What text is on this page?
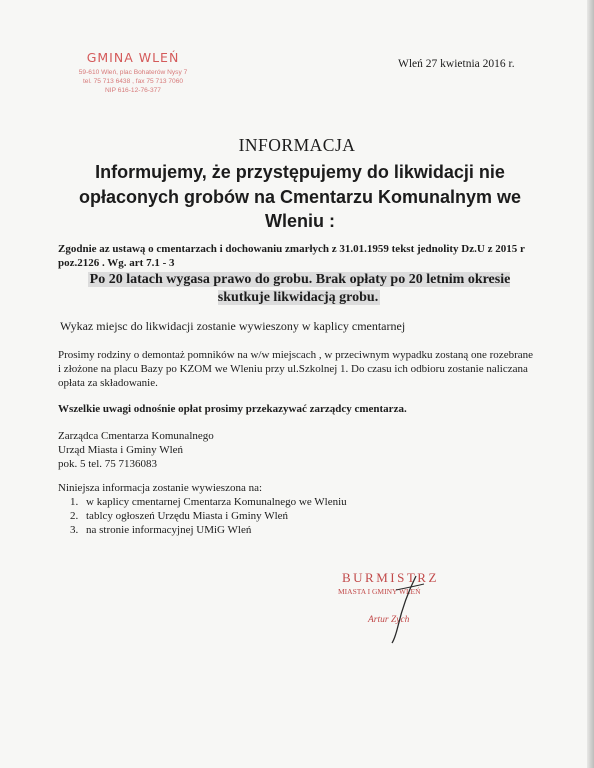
GMINA WLEŃ
59-610 Wleń, plac Bohaterów Nysy 7
tel. 75 713 6438 , fax 75 713 7060
NIP 616-12-76-377
Wleń 27 kwietnia 2016 r.
INFORMACJA
Informujemy, że przystępujemy do likwidacji nie opłaconych grobów na Cmentarzu Komunalnym we Wleniu :
Zgodnie az ustawą o cmentarzach i dochowaniu zmarłych z 31.01.1959 tekst jednolity Dz.U z 2015 r poz.2126 . Wg. art 7.1 - 3
Po 20 latach wygasa prawo do grobu. Brak opłaty po 20 letnim okresie skutkuje likwidacją grobu.
Wykaz miejsc do likwidacji zostanie wywieszony w kaplicy cmentarnej
Prosimy rodziny o demontaż pomników na w/w miejscach , w przeciwnym wypadku zostaną one rozebrane i złożone na placu Bazy po KZOM we Wleniu przy ul.Szkolnej 1. Do czasu ich odbioru zostanie naliczana opłata za składowanie.
Wszelkie uwagi odnośnie opłat prosimy przekazywać zarządcy cmentarza.
Zarządca Cmentarza Komunalnego
Urząd Miasta i Gminy Wleń
pok. 5 tel. 75 7136083
Niniejsza informacja zostanie wywieszona na:
1. w kaplicy cmentarnej Cmentarza Komunalnego we Wleniu
2. tablcy ogłoszeń Urzędu Miasta i Gminy Wleń
3. na stronie informacyjnej UMiG Wleń
BURMISTRZ
MIASTA I GMINY WLEŃ
Artur Zych
